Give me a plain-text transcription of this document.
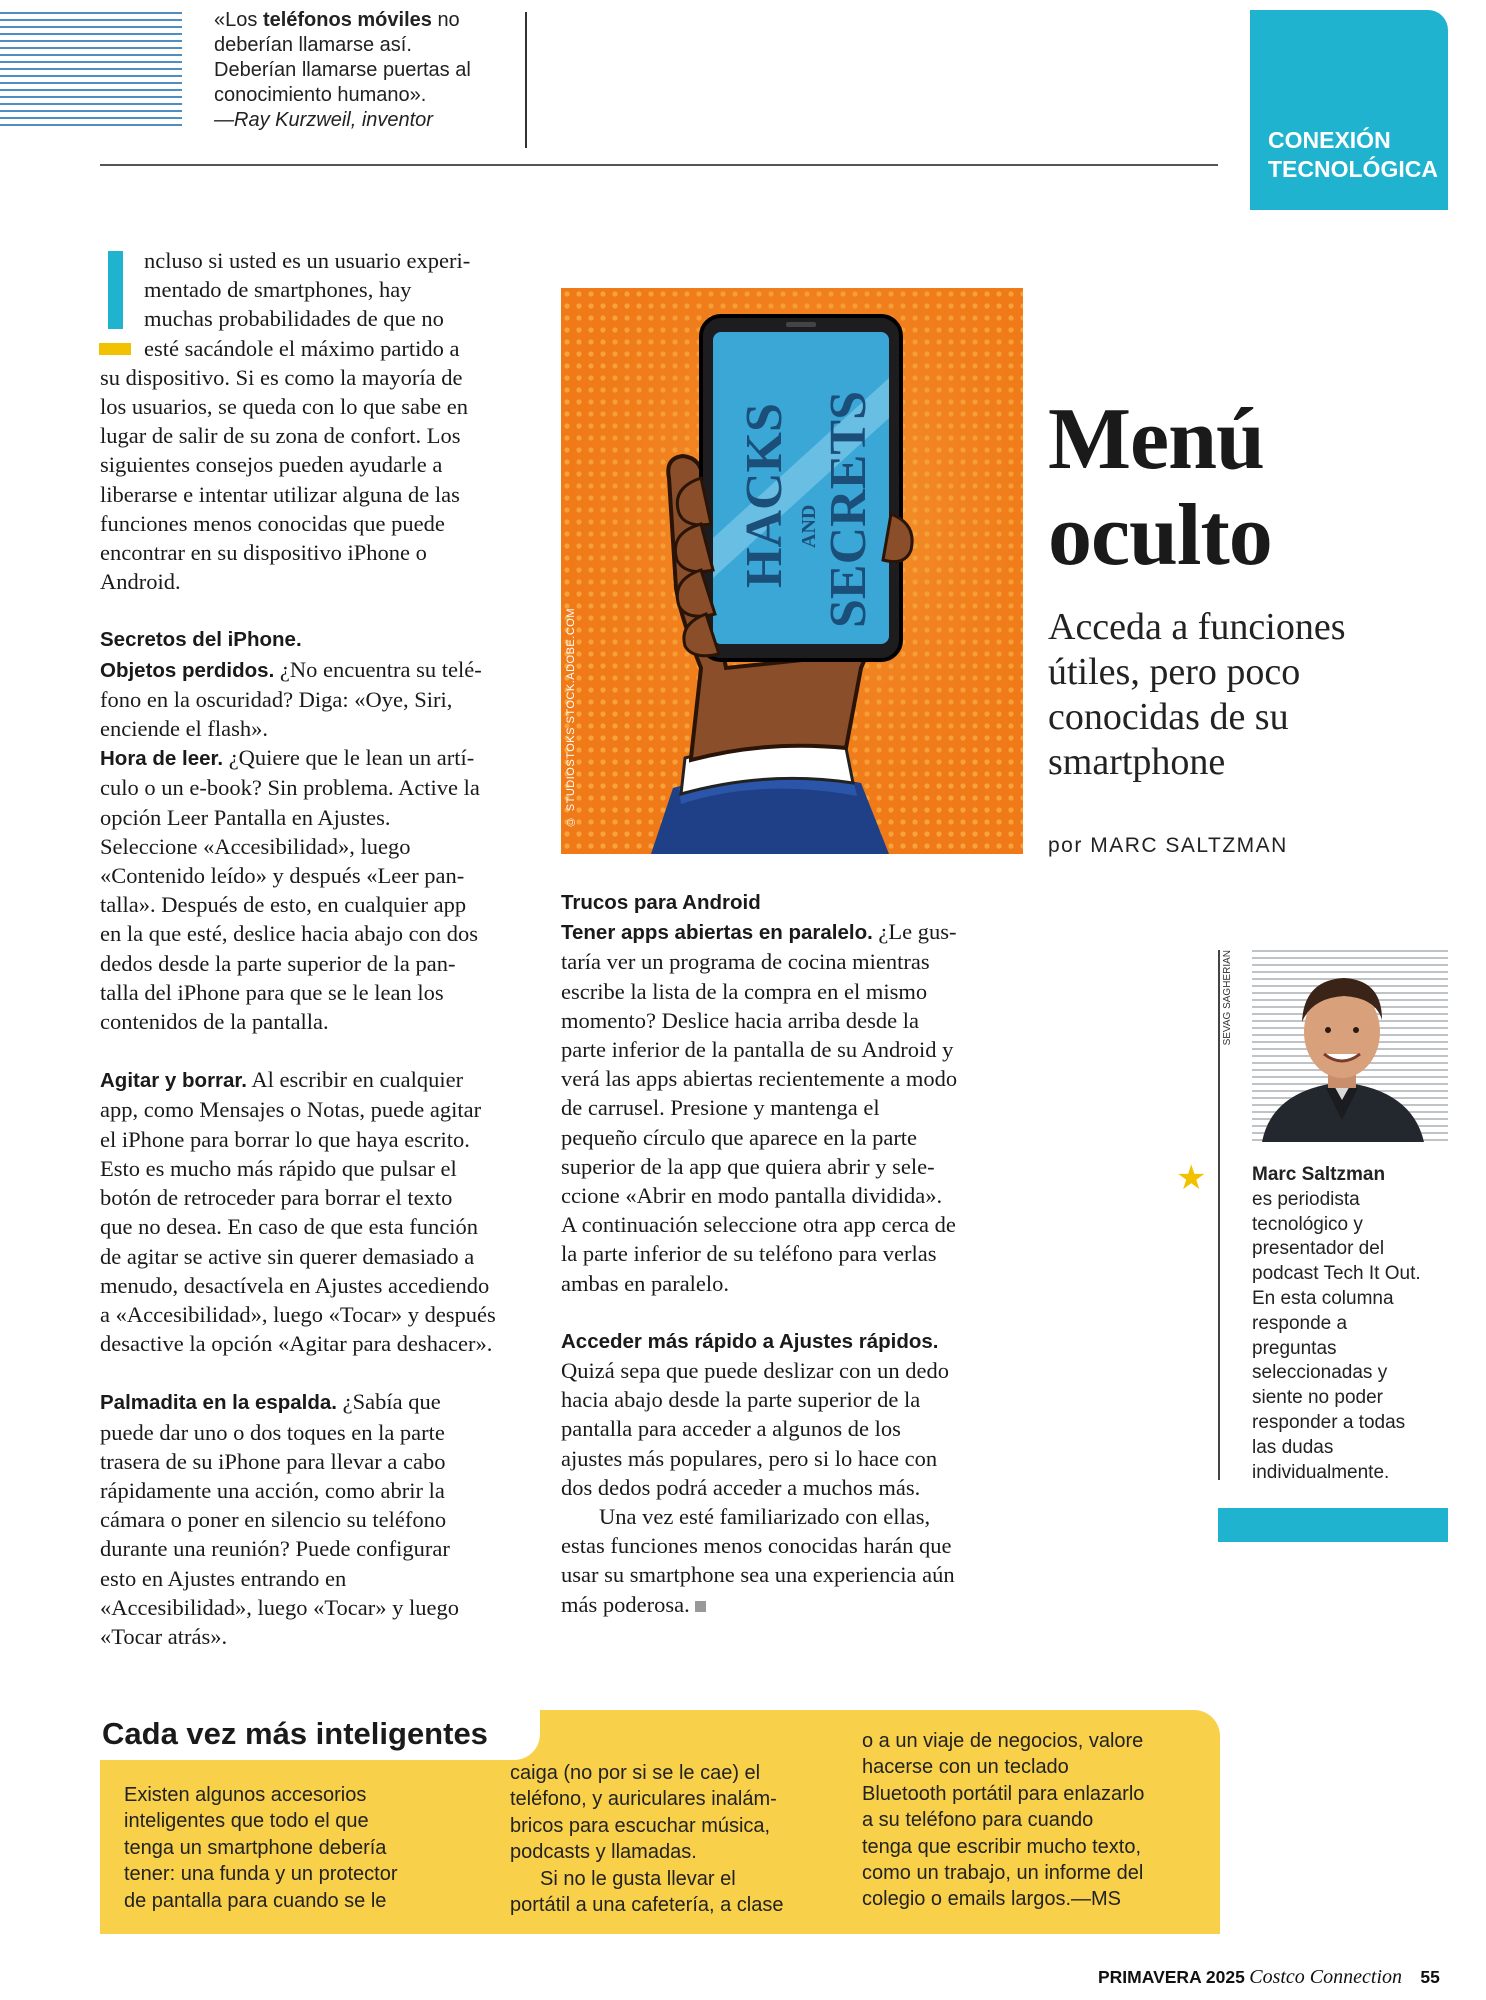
«Los teléfonos móviles no
deberían llamarse así.
Deberían llamarse puertas al
conocimiento humano».
—Ray Kurzweil, inventor
CONEXIÓN
TECNOLÓGICA

ncluso si usted es un usuario experi-

mentado de smartphones, hay

muchas probabilidades de que no

esté sacándole el máximo partido a

su dispositivo. Si es como la mayoría de

los usuarios, se queda con lo que sabe en

lugar de salir de su zona de confort. Los

siguientes consejos pueden ayudarle a

liberarse e intentar utilizar alguna de las

funciones menos conocidas que puede

encontrar en su dispositivo iPhone o

Android.

Secretos del iPhone.

Objetos perdidos. ¿No encuentra su telé-

fono en la oscuridad? Diga: «Oye, Siri,

enciende el flash».

Hora de leer. ¿Quiere que le lean un artí-

culo o un e-book? Sin problema. Active la

opción Leer Pantalla en Ajustes.

Seleccione «Accesibilidad», luego

«Contenido leído» y después «Leer pan-

talla». Después de esto, en cualquier app

en la que esté, deslice hacia abajo con dos

dedos desde la parte superior de la pan-

talla del iPhone para que se le lean los

contenidos de la pantalla.

Agitar y borrar. Al escribir en cualquier

app, como Mensajes o Notas, puede agitar

el iPhone para borrar lo que haya escrito.

Esto es mucho más rápido que pulsar el

botón de retroceder para borrar el texto

que no desea. En caso de que esta función

de agitar se active sin querer demasiado a

menudo, desactívela en Ajustes accediendo

a «Accesibilidad», luego «Tocar» y después

desactive la opción «Agitar para deshacer».

Palmadita en la espalda. ¿Sabía que

puede dar uno o dos toques en la parte

trasera de su iPhone para llevar a cabo

rápidamente una acción, como abrir la

cámara o poner en silencio su teléfono

durante una reunión? Puede configurar

esto en Ajustes entrando en

«Accesibilidad», luego «Tocar» y luego

«Tocar atrás».

HACKS AND SECRETS
© STUDIOSTOKS STOCK.ADOBE.COM
Menú
oculto
Acceda a funciones
útiles, pero poco
conocidas de su
smartphone
por MARC SALTZMAN

Trucos para Android

Tener apps abiertas en paralelo. ¿Le gus-

taría ver un programa de cocina mientras

escribe la lista de la compra en el mismo

momento? Deslice hacia arriba desde la

parte inferior de la pantalla de su Android y

verá las apps abiertas recientemente a modo

de carrusel. Presione y mantenga el

pequeño círculo que aparece en la parte

superior de la app que quiera abrir y sele-

ccione «Abrir en modo pantalla dividida».

A continuación seleccione otra app cerca de

la parte inferior de su teléfono para verlas

ambas en paralelo.

Acceder más rápido a Ajustes rápidos.

Quizá sepa que puede deslizar con un dedo

hacia abajo desde la parte superior de la

pantalla para acceder a algunos de los

ajustes más populares, pero si lo hace con

dos dedos podrá acceder a muchos más.

Una vez esté familiarizado con ellas,

estas funciones menos conocidas harán que

usar su smartphone sea una experiencia aún

más poderosa.

SEVAG SAGHERIAN
★ Marc Saltzman
es periodista
tecnológico y
presentador del
podcast Tech It Out.
En esta columna
responde a
preguntas
seleccionadas y
siente no poder
responder a todas
las dudas
individualmente.
Cada vez más inteligentes
Existen algunos accesorios
inteligentes que todo el que
tenga un smartphone debería
tener: una funda y un protector
de pantalla para cuando se le
caiga (no por si se le cae) el
teléfono, y auriculares inalám-
bricos para escuchar música,
podcasts y llamadas.
Si no le gusta llevar el
portátil a una cafetería, a clase
o a un viaje de negocios, valore
hacerse con un teclado
Bluetooth portátil para enlazarlo
a su teléfono para cuando
tenga que escribir mucho texto,
como un trabajo, un informe del
colegio o emails largos.—MS
PRIMAVERA 2025 Costco Connection 55
